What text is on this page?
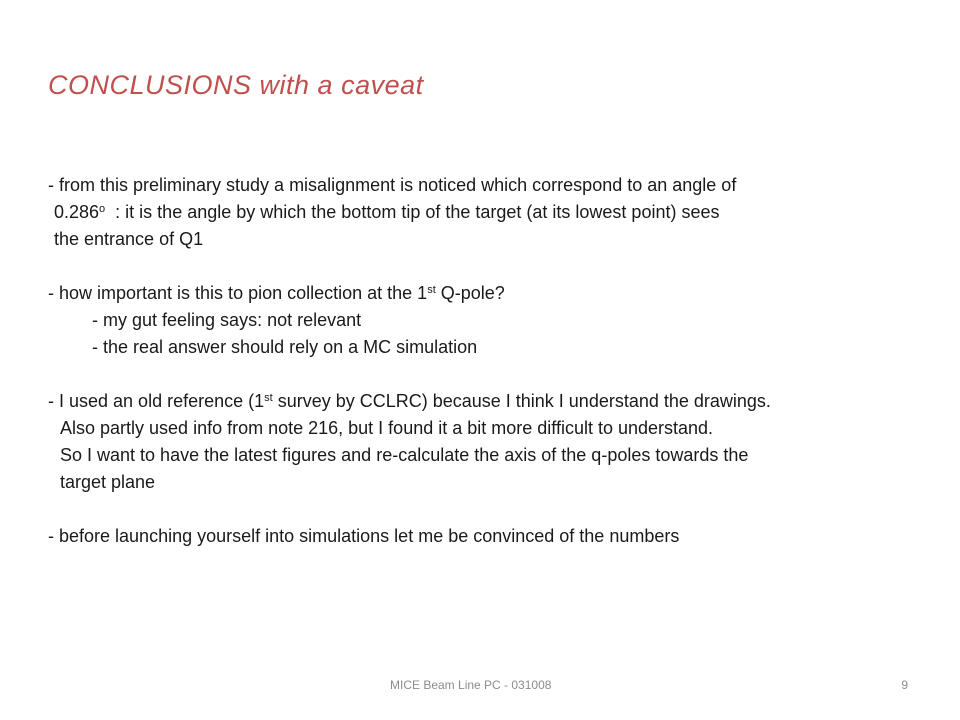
CONCLUSIONS with a caveat
- from this preliminary study a misalignment is noticed which correspond to an angle of
0.286$^o$  : it is the angle by which the bottom tip of the target (at its lowest point) sees
the entrance of Q1
- how important is this to pion collection at the 1st Q-pole?
- my gut feeling says: not relevant
- the real answer should rely on a MC simulation
- I used an old reference (1st survey by CCLRC) because I think I understand the drawings.
Also partly used info from note 216, but I found it a bit more difficult to understand.
So I want to have the latest figures and re-calculate the axis of the q-poles towards the
target plane
- before launching yourself into simulations let me be convinced of the numbers
MICE Beam Line PC - 031008	9
